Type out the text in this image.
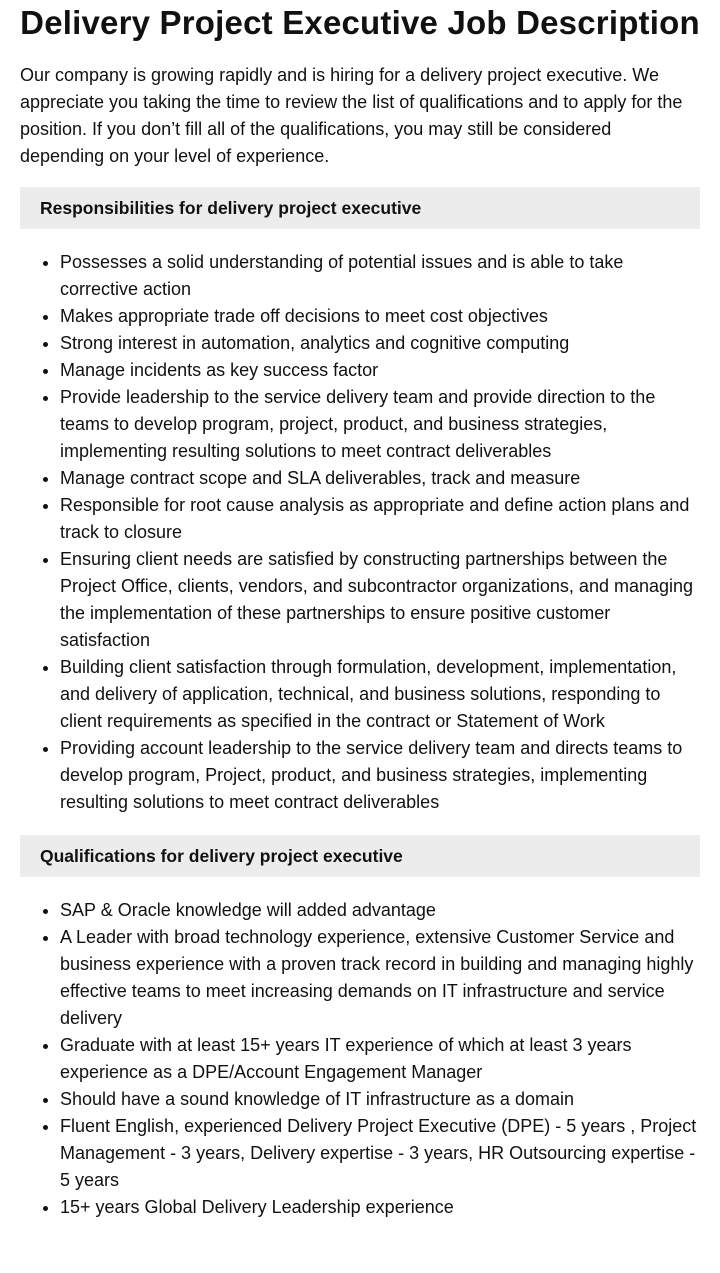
Delivery Project Executive Job Description

Our company is growing rapidly and is hiring for a delivery project executive. We appreciate you taking the time to review the list of qualifications and to apply for the position. If you don’t fill all of the qualifications, you may still be considered depending on your level of experience.

Responsibilities for delivery project executive
• Possesses a solid understanding of potential issues and is able to take corrective action
• Makes appropriate trade off decisions to meet cost objectives
• Strong interest in automation, analytics and cognitive computing
• Manage incidents as key success factor
• Provide leadership to the service delivery team and provide direction to the teams to develop program, project, product, and business strategies, implementing resulting solutions to meet contract deliverables
• Manage contract scope and SLA deliverables, track and measure
• Responsible for root cause analysis as appropriate and define action plans and track to closure
• Ensuring client needs are satisfied by constructing partnerships between the Project Office, clients, vendors, and subcontractor organizations, and managing the implementation of these partnerships to ensure positive customer satisfaction
• Building client satisfaction through formulation, development, implementation, and delivery of application, technical, and business solutions, responding to client requirements as specified in the contract or Statement of Work
• Providing account leadership to the service delivery team and directs teams to develop program, Project, product, and business strategies, implementing resulting solutions to meet contract deliverables
Qualifications for delivery project executive
• SAP & Oracle knowledge will added advantage
• A Leader with broad technology experience, extensive Customer Service and business experience with a proven track record in building and managing highly effective teams to meet increasing demands on IT infrastructure and service delivery
• Graduate with at least 15+ years IT experience of which at least 3 years experience as a DPE/Account Engagement Manager
• Should have a sound knowledge of IT infrastructure as a domain
• Fluent English, experienced Delivery Project Executive (DPE) - 5 years , Project Management - 3 years, Delivery expertise - 3 years, HR Outsourcing expertise - 5 years
• 15+ years Global Delivery Leadership experience
